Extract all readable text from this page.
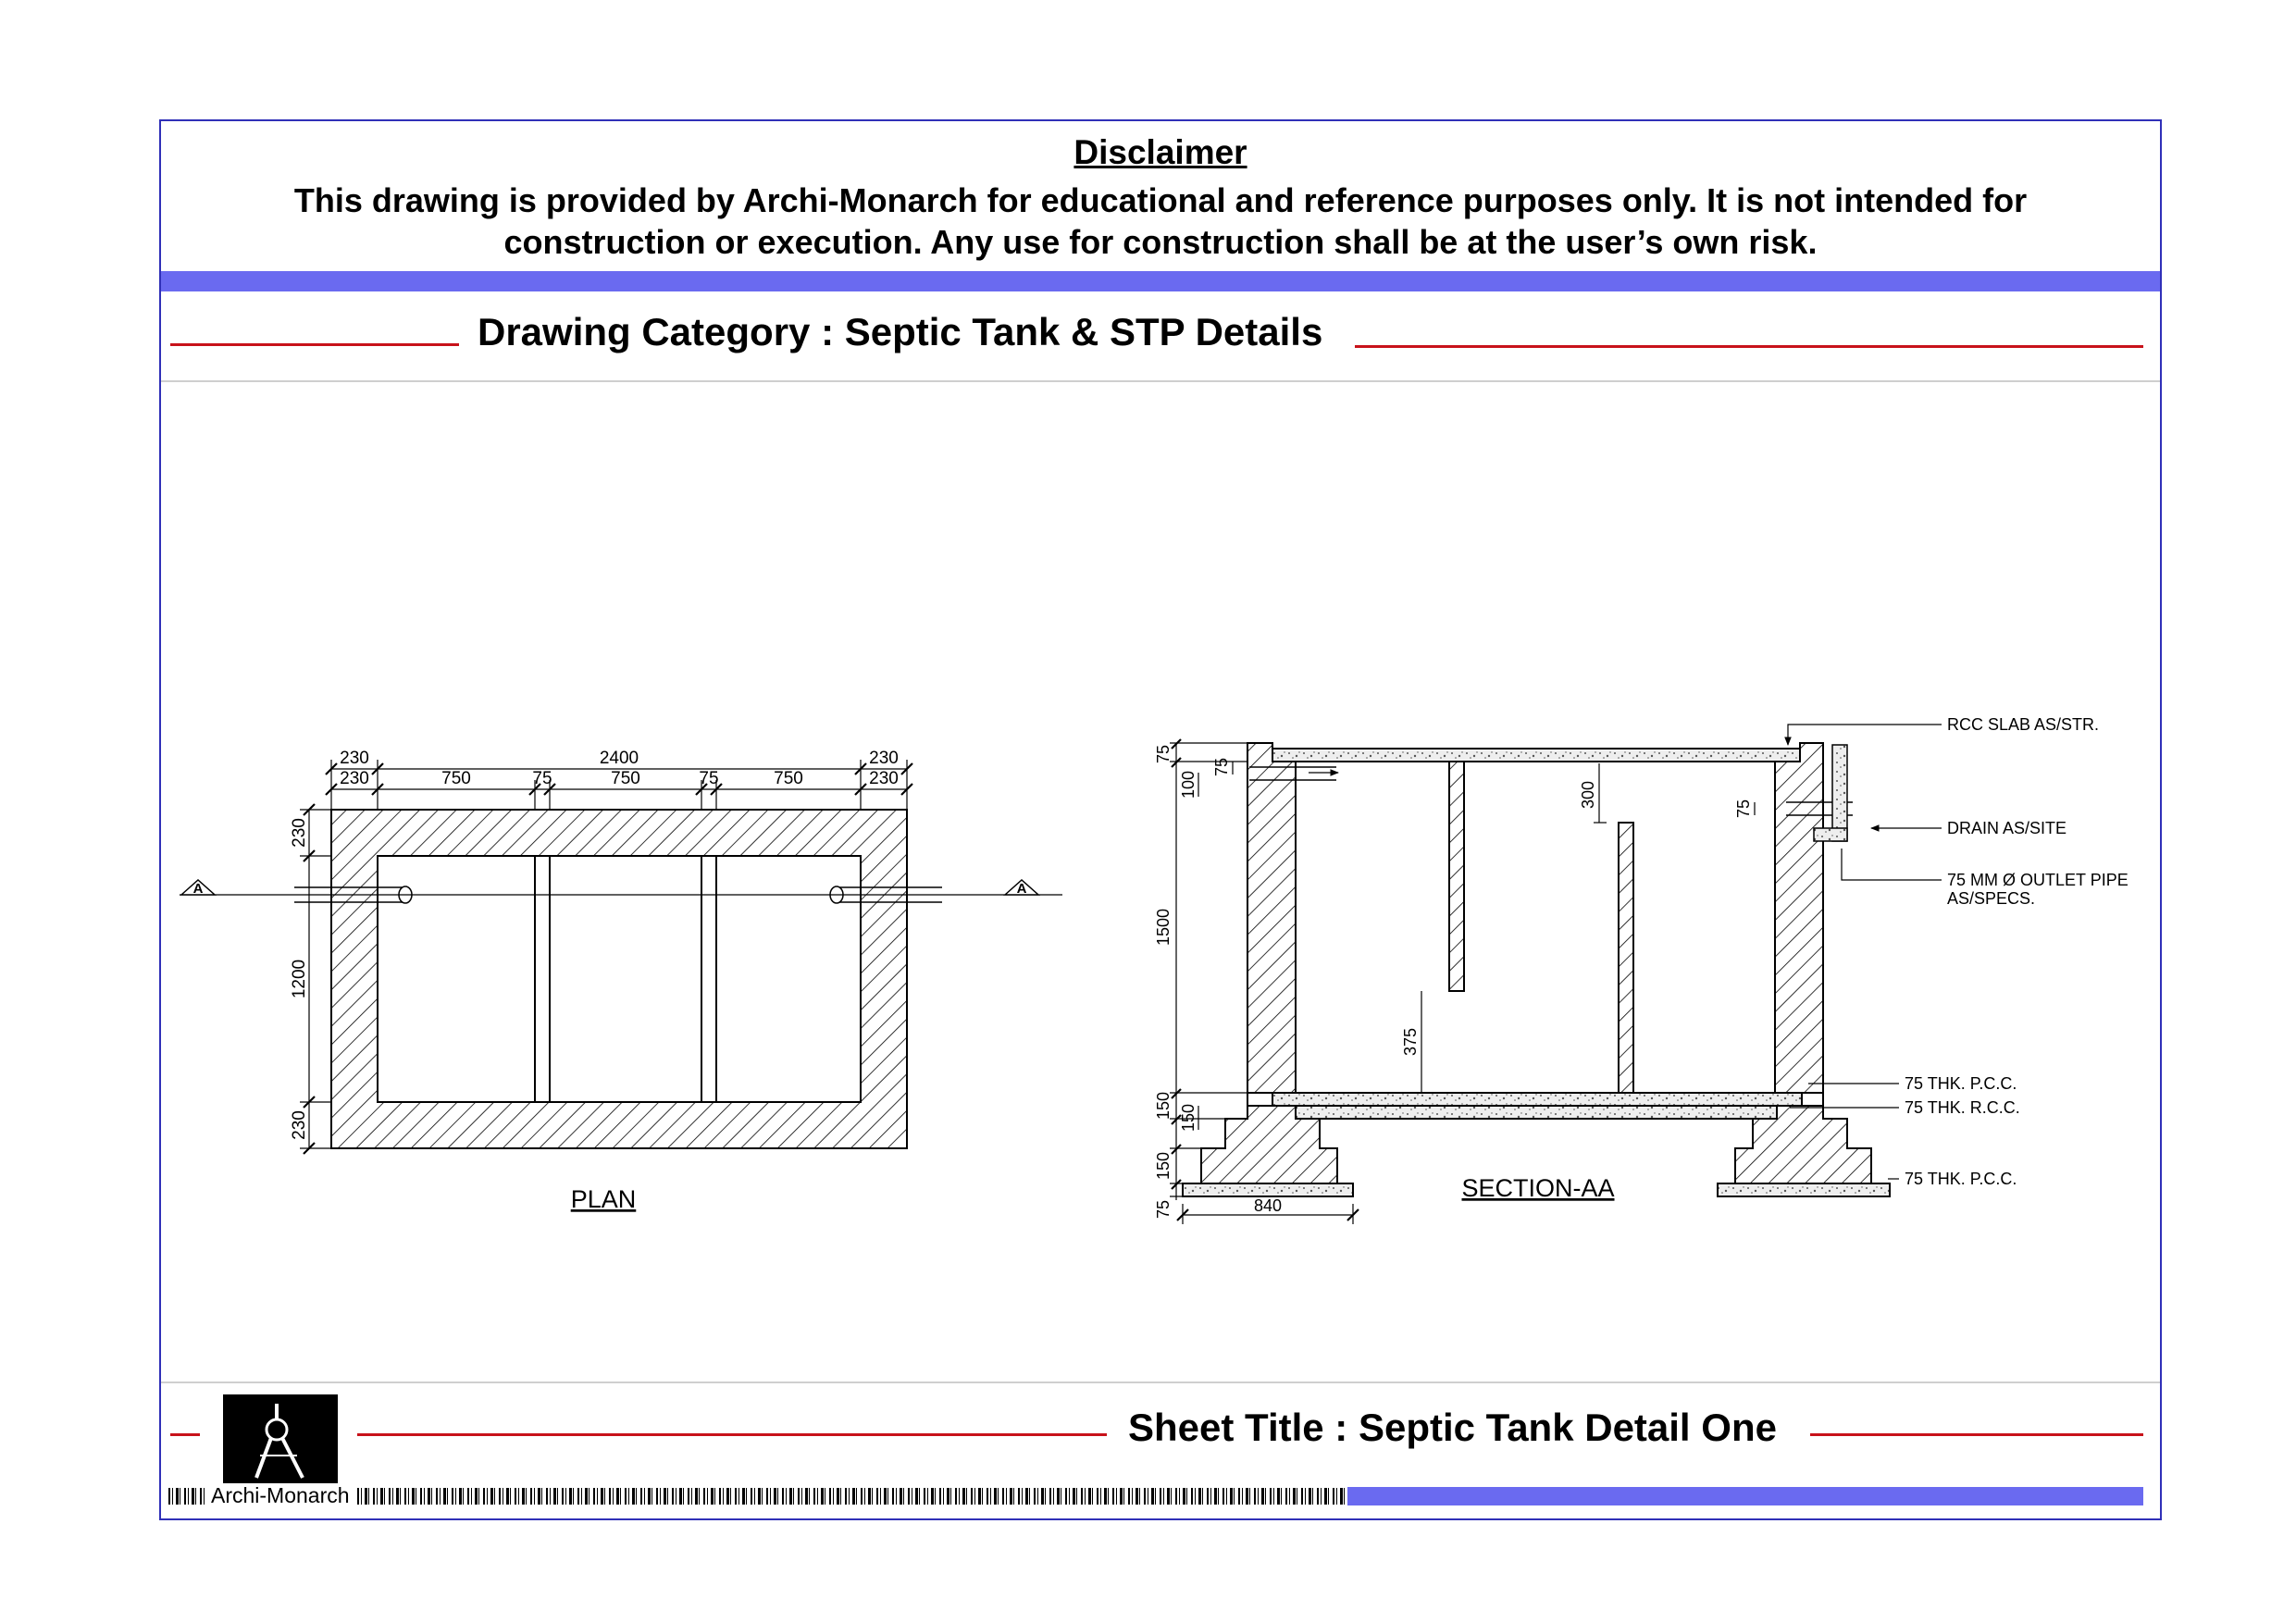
Disclaimer
This drawing is provided by Archi-Monarch for educational and reference purposes only. It is not intended for construction or execution. Any use for construction shall be at the user’s own risk.
Drawing Category : Septic Tank & STP Details
230	2400	230
230	750	75	750	75	750	230
230
1200
230
A	A
PLAN
75
100
75
1500
150 150
150
75	840
300
375
75
RCC SLAB AS/STR.
DRAIN AS/SITE
75 MM Ø OUTLET PIPE
AS/SPECS.
75 THK. P.C.C.
75 THK. R.C.C.
75 THK. P.C.C.
SECTION-AA
Sheet Title : Septic Tank Detail One
Archi-Monarch
